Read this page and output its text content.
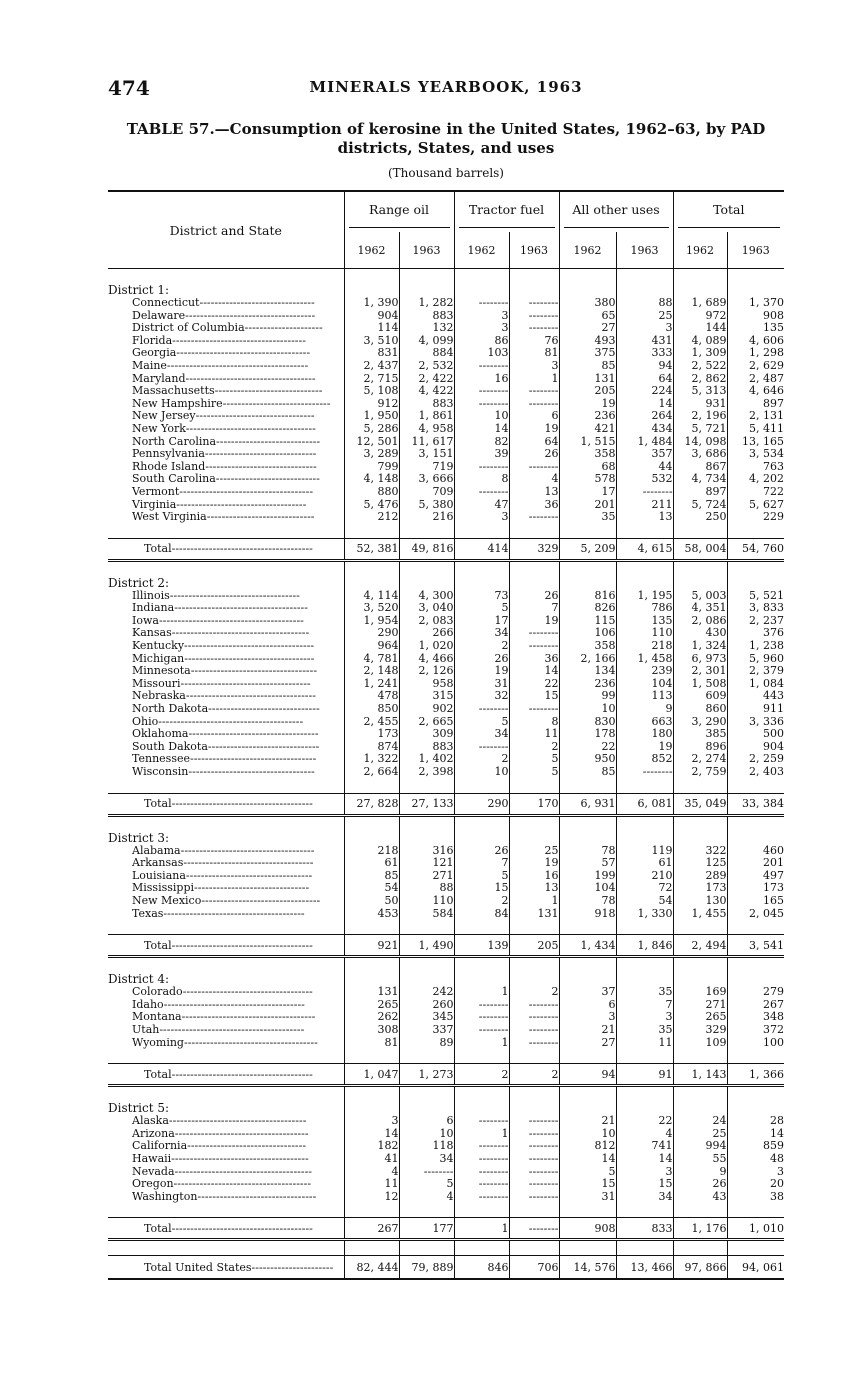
474	MINERALS YEARBOOK, 1963
TABLE 57.—Consumption of kerosine in the United States, 1962–63, by PAD
districts, States, and uses
(Thousand barrels)
District and State	Range oil		Tractor fuel		All other uses		Total	

	1962	1963	1962	1963	1962	1963	1962	1963

District 1:								
Connecticut-------------------------------	1, 390	1, 282	--------	--------	380	88	1, 689	1, 370
Delaware-----------------------------------	904	883	3	--------	65	25	972	908
District of Columbia---------------------	114	132	3	--------	27	3	144	135
Florida------------------------------------	3, 510	4, 099	86	76	493	431	4, 089	4, 606
Georgia------------------------------------	831	884	103	81	375	333	1, 309	1, 298
Maine--------------------------------------	2, 437	2, 532	--------	3	85	94	2, 522	2, 629
Maryland-----------------------------------	2, 715	2, 422	16	1	131	64	2, 862	2, 487
Massachusetts-----------------------------	5, 108	4, 422	--------	--------	205	224	5, 313	4, 646
New Hampshire-----------------------------	912	883	--------	--------	19	14	931	897
New Jersey--------------------------------	1, 950	1, 861	10	6	236	264	2, 196	2, 131
New York-----------------------------------	5, 286	4, 958	14	19	421	434	5, 721	5, 411
North Carolina----------------------------	12, 501	11, 617	82	64	1, 515	1, 484	14, 098	13, 165
Pennsylvania------------------------------	3, 289	3, 151	39	26	358	357	3, 686	3, 534
Rhode Island------------------------------	799	719	--------	--------	68	44	867	763
South Carolina----------------------------	4, 148	3, 666	8	4	578	532	4, 734	4, 202
Vermont------------------------------------	880	709	--------	13	17	--------	897	722
Virginia-----------------------------------	5, 476	5, 380	47	36	201	211	5, 724	5, 627
West Virginia-----------------------------	212	216	3	--------	35	13	250	229

Total--------------------------------------	52, 381	49, 816	414	329	5, 209	4, 615	58, 004	54, 760

District 2:								
Illinois-----------------------------------	4, 114	4, 300	73	26	816	1, 195	5, 003	5, 521
Indiana------------------------------------	3, 520	3, 040	5	7	826	786	4, 351	3, 833
Iowa---------------------------------------	1, 954	2, 083	17	19	115	135	2, 086	2, 237
Kansas-------------------------------------	290	266	34	--------	106	110	430	376
Kentucky-----------------------------------	964	1, 020	2	--------	358	218	1, 324	1, 238
Michigan-----------------------------------	4, 781	4, 466	26	36	2, 166	1, 458	6, 973	5, 960
Minnesota----------------------------------	2, 148	2, 126	19	14	134	239	2, 301	2, 379
Missouri-----------------------------------	1, 241	958	31	22	236	104	1, 508	1, 084
Nebraska-----------------------------------	478	315	32	15	99	113	609	443
North Dakota------------------------------	850	902	--------	--------	10	9	860	911
Ohio---------------------------------------	2, 455	2, 665	5	8	830	663	3, 290	3, 336
Oklahoma-----------------------------------	173	309	34	11	178	180	385	500
South Dakota------------------------------	874	883	--------	2	22	19	896	904
Tennessee----------------------------------	1, 322	1, 402	2	5	950	852	2, 274	2, 259
Wisconsin----------------------------------	2, 664	2, 398	10	5	85	--------	2, 759	2, 403

Total--------------------------------------	27, 828	27, 133	290	170	6, 931	6, 081	35, 049	33, 384

District 3:								
Alabama------------------------------------	218	316	26	25	78	119	322	460
Arkansas-----------------------------------	61	121	7	19	57	61	125	201
Louisiana----------------------------------	85	271	5	16	199	210	289	497
Mississippi-------------------------------	54	88	15	13	104	72	173	173
New Mexico--------------------------------	50	110	2	1	78	54	130	165
Texas--------------------------------------	453	584	84	131	918	1, 330	1, 455	2, 045

Total--------------------------------------	921	1, 490	139	205	1, 434	1, 846	2, 494	3, 541

District 4:								
Colorado-----------------------------------	131	242	1	2	37	35	169	279
Idaho--------------------------------------	265	260	--------	--------	6	7	271	267
Montana------------------------------------	262	345	--------	--------	3	3	265	348
Utah---------------------------------------	308	337	--------	--------	21	35	329	372
Wyoming------------------------------------	81	89	1	--------	27	11	109	100

Total--------------------------------------	1, 047	1, 273	2	2	94	91	1, 143	1, 366

District 5:								
Alaska-------------------------------------	3	6	--------	--------	21	22	24	28
Arizona------------------------------------	14	10	1	--------	10	4	25	14
California--------------------------------	182	118	--------	--------	812	741	994	859
Hawaii-------------------------------------	41	34	--------	--------	14	14	55	48
Nevada-------------------------------------	4	--------	--------	--------	5	3	9	3
Oregon-------------------------------------	11	5	--------	--------	15	15	26	20
Washington--------------------------------	12	4	--------	--------	31	34	43	38

Total--------------------------------------	267	177	1	--------	908	833	1, 176	1, 010

Total United States----------------------	82, 444	79, 889	846	706	14, 576	13, 466	97, 866	94, 061
